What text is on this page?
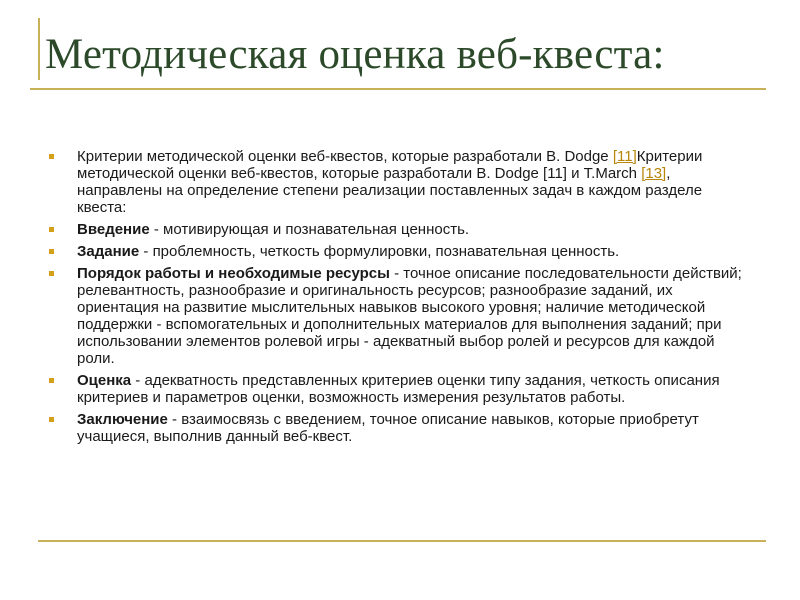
Методическая оценка веб-квеста:
Критерии методической оценки веб-квестов, которые разработали B. Dodge [11]Критерии методической оценки веб-квестов, которые разработали B. Dodge [11] и T.March [13], направлены на определение степени реализации поставленных задач в каждом разделе квеста:
Введение - мотивирующая и познавательная ценность.
Задание - проблемность, четкость формулировки, познавательная ценность.
Порядок работы и необходимые ресурсы - точное описание последовательности действий; релевантность, разнообразие и оригинальность ресурсов; разнообразие заданий, их ориентация на развитие мыслительных навыков высокого уровня; наличие методической поддержки - вспомогательных и дополнительных материалов для выполнения заданий; при использовании элементов ролевой игры - адекватный выбор ролей и ресурсов для каждой роли.
Оценка - адекватность представленных критериев оценки типу задания, четкость описания критериев и параметров оценки, возможность измерения результатов работы.
Заключение - взаимосвязь с введением, точное описание навыков, которые приобретут учащиеся, выполнив данный веб-квест.
